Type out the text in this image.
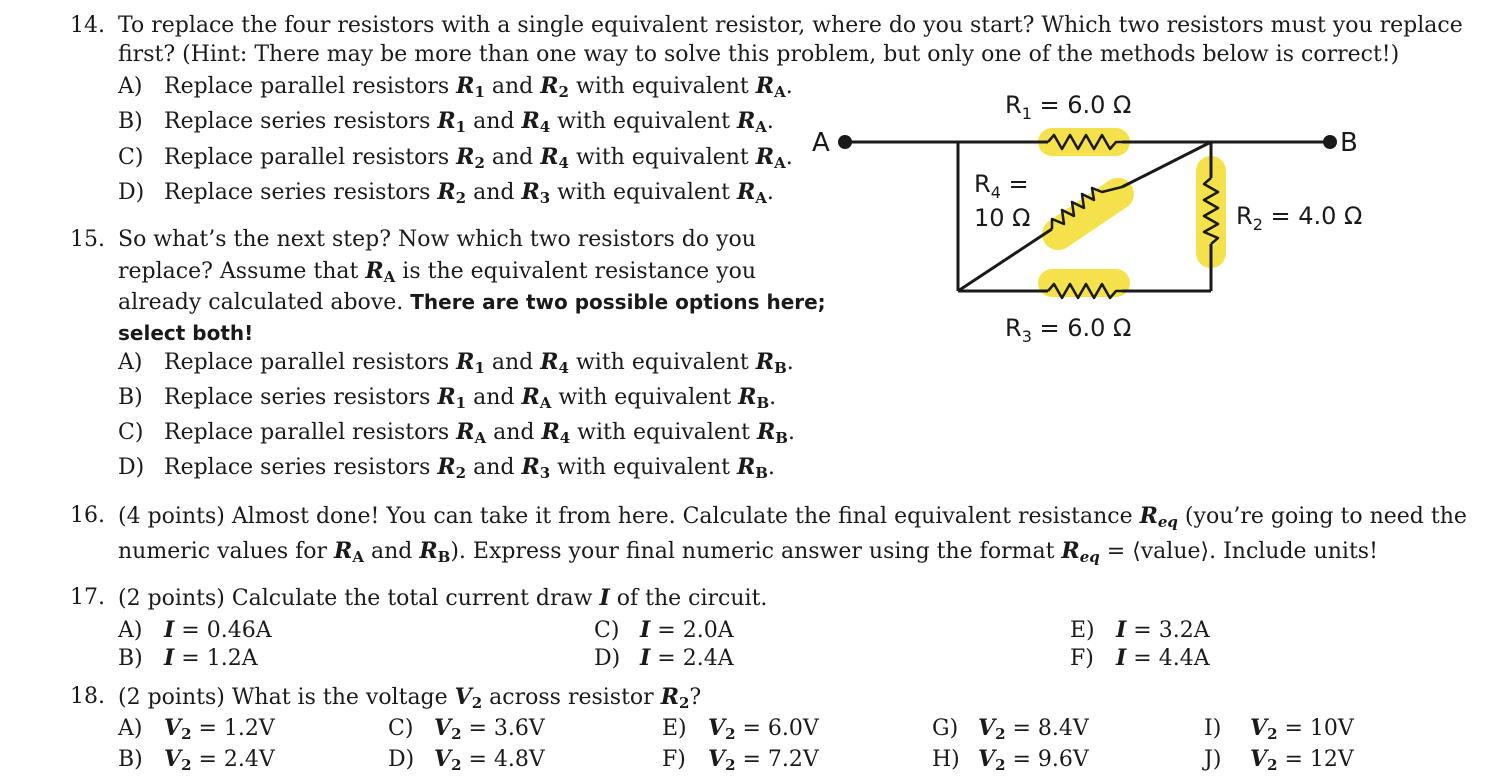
14. To replace the four resistors with a single equivalent resistor, where do you start? Which two resistors must you replace
first? (Hint: There may be more than one way to solve this problem, but only one of the methods below is correct!)
A) Replace parallel resistors $R_1$ and $R_2$ with equivalent $R_A$.
B) Replace series resistors $R_1$ and $R_4$ with equivalent $R_A$.
C) Replace parallel resistors $R_2$ and $R_4$ with equivalent $R_A$.
D) Replace series resistors $R_2$ and $R_3$ with equivalent $R_A$.
15. So what’s the next step? Now which two resistors do you
replace? Assume that $R_A$ is the equivalent resistance you
already calculated above. There are two possible options here;
select both!
A) Replace parallel resistors $R_1$ and $R_4$ with equivalent $R_B$.
B) Replace series resistors $R_1$ and $R_A$ with equivalent $R_B$.
C) Replace parallel resistors $R_A$ and $R_4$ with equivalent $R_B$.
D) Replace series resistors $R_2$ and $R_3$ with equivalent $R_B$.
16. (4 points) Almost done! You can take it from here. Calculate the final equivalent resistance $R_{eq}$ (you’re going to need the
numeric values for $R_A$ and $R_B$). Express your final numeric answer using the format $R_{eq}$ = ⟨value⟩. Include units!
17. (2 points) Calculate the total current draw I of the circuit.
A) I = 0.46A
B) I = 1.2A
C) I = 2.0A
D) I = 2.4A
E) I = 3.2A
F) I = 4.4A
18. (2 points) What is the voltage $V_2$ across resistor $R_2$?
A) $V_2 = 1.2V$
B) $V_2 = 2.4V$
C) $V_2 = 3.6V$
D) $V_2 = 4.8V$
E) $V_2 = 6.0V$
F) $V_2 = 7.2V$
G) $V_2 = 8.4V$
H) $V_2 = 9.6V$
I) $V_2 = 10V$
J) $V_2 = 12V$
A	B
$R_1 = 6.0$ Ω
$R_3 = 6.0$ Ω
$R_2 = 4.0$ Ω
$R_4$ =
10 Ω
